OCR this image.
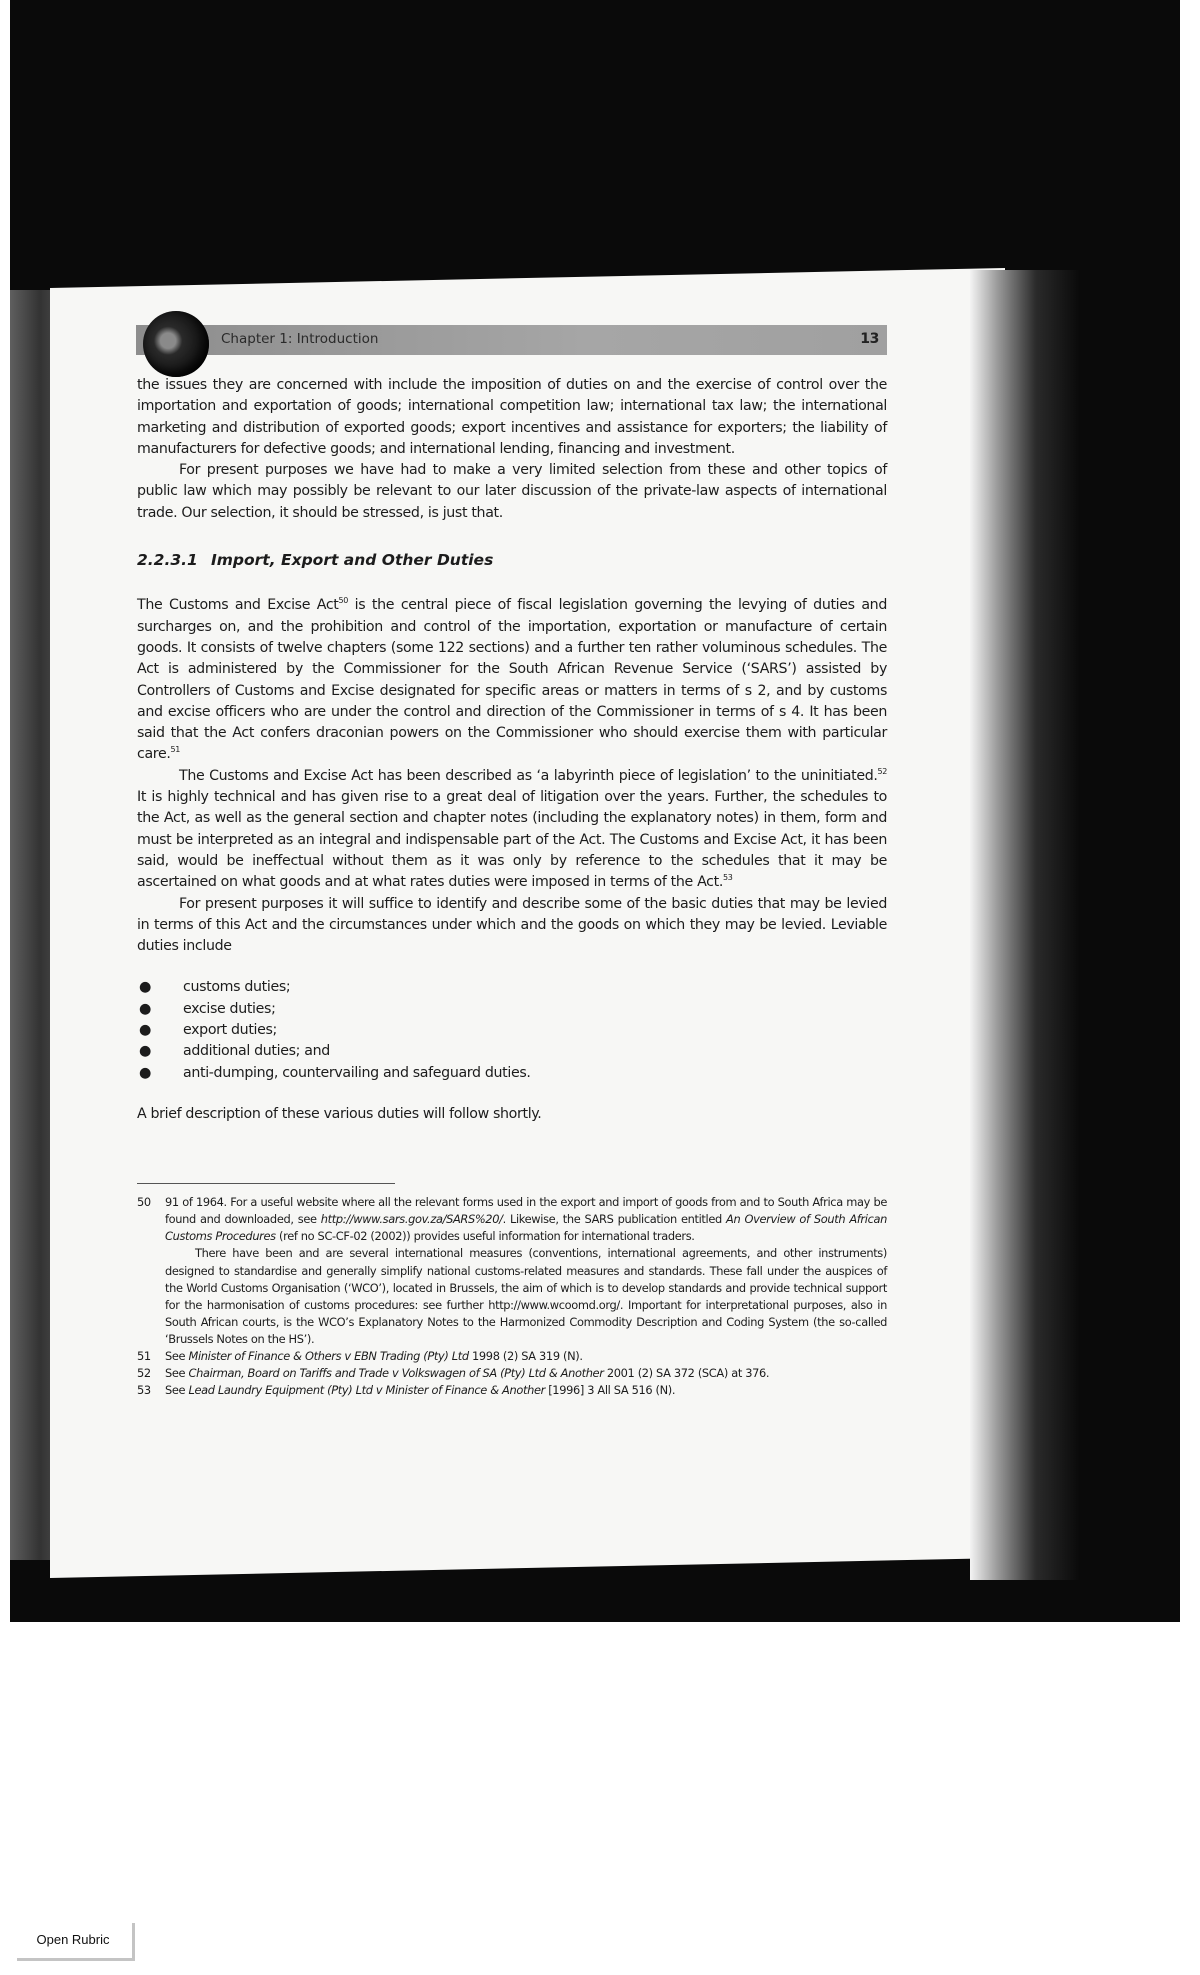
Chapter 1: Introduction	13

the issues they are concerned with include the imposition of duties on and the exercise of control over the importation and exportation of goods; international competition law; international tax law; the international marketing and distribution of exported goods; export incentives and assistance for exporters; the liability of manufacturers for defective goods; and international lending, financing and investment.

For present purposes we have had to make a very limited selection from these and other topics of public law which may possibly be relevant to our later discussion of the private-law aspects of international trade. Our selection, it should be stressed, is just that.

2.2.3.1 Import, Export and Other Duties

The Customs and Excise Act$^{50}$ is the central piece of fiscal legislation governing the levying of duties and surcharges on, and the prohibition and control of the importation, exportation or manufacture of certain goods. It consists of twelve chapters (some 122 sections) and a further ten rather voluminous schedules. The Act is administered by the Commissioner for the South African Revenue Service (‘SARS’) assisted by Controllers of Customs and Excise designated for specific areas or matters in terms of s 2, and by customs and excise officers who are under the control and direction of the Commissioner in terms of s 4. It has been said that the Act confers draconian powers on the Commissioner who should exercise them with particular care.$^{51}$

The Customs and Excise Act has been described as ‘a labyrinth piece of legislation’ to the uninitiated.$^{52}$ It is highly technical and has given rise to a great deal of litigation over the years. Further, the schedules to the Act, as well as the general section and chapter notes (including the explanatory notes) in them, form and must be interpreted as an integral and indispensable part of the Act. The Customs and Excise Act, it has been said, would be ineffectual without them as it was only by reference to the schedules that it may be ascertained on what goods and at what rates duties were imposed in terms of the Act.$^{53}$

For present purposes it will suffice to identify and describe some of the basic duties that may be levied in terms of this Act and the circumstances under which and the goods on which they may be levied. Leviable duties include

●	customs duties;
●	excise duties;
●	export duties;
●	additional duties; and
●	anti-dumping, countervailing and safeguard duties.

A brief description of these various duties will follow shortly.

50	91 of 1964. For a useful website where all the relevant forms used in the export and import of goods from and to South Africa may be found and downloaded, see http://www.sars.gov.za/SARS%20/. Likewise, the SARS publication entitled An Overview of South African Customs Procedures (ref no SC-CF-02 (2002)) provides useful information for international traders.

There have been and are several international measures (conventions, international agreements, and other instruments) designed to standardise and generally simplify national customs-related measures and standards. These fall under the auspices of the World Customs Organisation (‘WCO’), located in Brussels, the aim of which is to develop standards and provide technical support for the harmonisation of customs procedures: see further http://www.wcoomd.org/. Important for interpretational purposes, also in South African courts, is the WCO’s Explanatory Notes to the Harmonized Commodity Description and Coding System (the so-called ‘Brussels Notes on the HS’).

51	See Minister of Finance & Others v EBN Trading (Pty) Ltd 1998 (2) SA 319 (N).
52	See Chairman, Board on Tariffs and Trade v Volkswagen of SA (Pty) Ltd & Another 2001 (2) SA 372 (SCA) at 376.
53	See Lead Laundry Equipment (Pty) Ltd v Minister of Finance & Another [1996] 3 All SA 516 (N).
Open Rubric
